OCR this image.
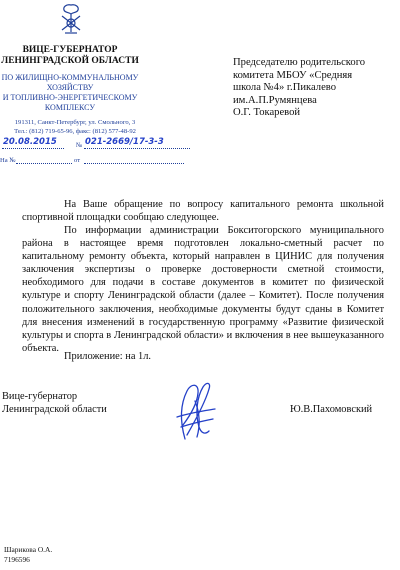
ВИЦЕ-ГУБЕРНАТОР
ЛЕНИНГРАДСКОЙ ОБЛАСТИ
ПО ЖИЛИЩНО-КОММУНАЛЬНОМУ
ХОЗЯЙСТВУ
И ТОПЛИВНО-ЭНЕРГЕТИЧЕСКОМУ
КОМПЛЕКСУ
191311, Санкт-Петербург, ул. Смольного, 3
Тел.: (812) 719-65-96, факс: (812) 577-48-92
20.08.2015	№ 021-2669/17-3-3
На №	от
Председателю родительского
комитета МБОУ «Средняя
школа №4» г.Пикалево
им.А.П.Румянцева
О.Г. Токаревой
На Ваше обращение по вопросу капитального ремонта школьной спортивной площадки сообщаю следующее.
По информации администрации Бокситогорского муниципального района в настоящее время подготовлен локально-сметный расчет по капитальному ремонту объекта, который направлен в ЦИНИС для получения заключения экспертизы о проверке достоверности сметной стоимости, необходимого для подачи в составе документов в комитет по физической культуре и спорту Ленинградской области (далее – Комитет). После получения положительного заключения, необходимые документы будут сданы в Комитет для внесения изменений в государственную программу «Развитие физической культуры и спорта в Ленинградской области» и включения в нее вышеуказанного объекта.
Приложение: на 1л.
Вице-губернатор
Ленинградской области	Ю.В.Пахомовский
Шарикова О.А.
7196596
